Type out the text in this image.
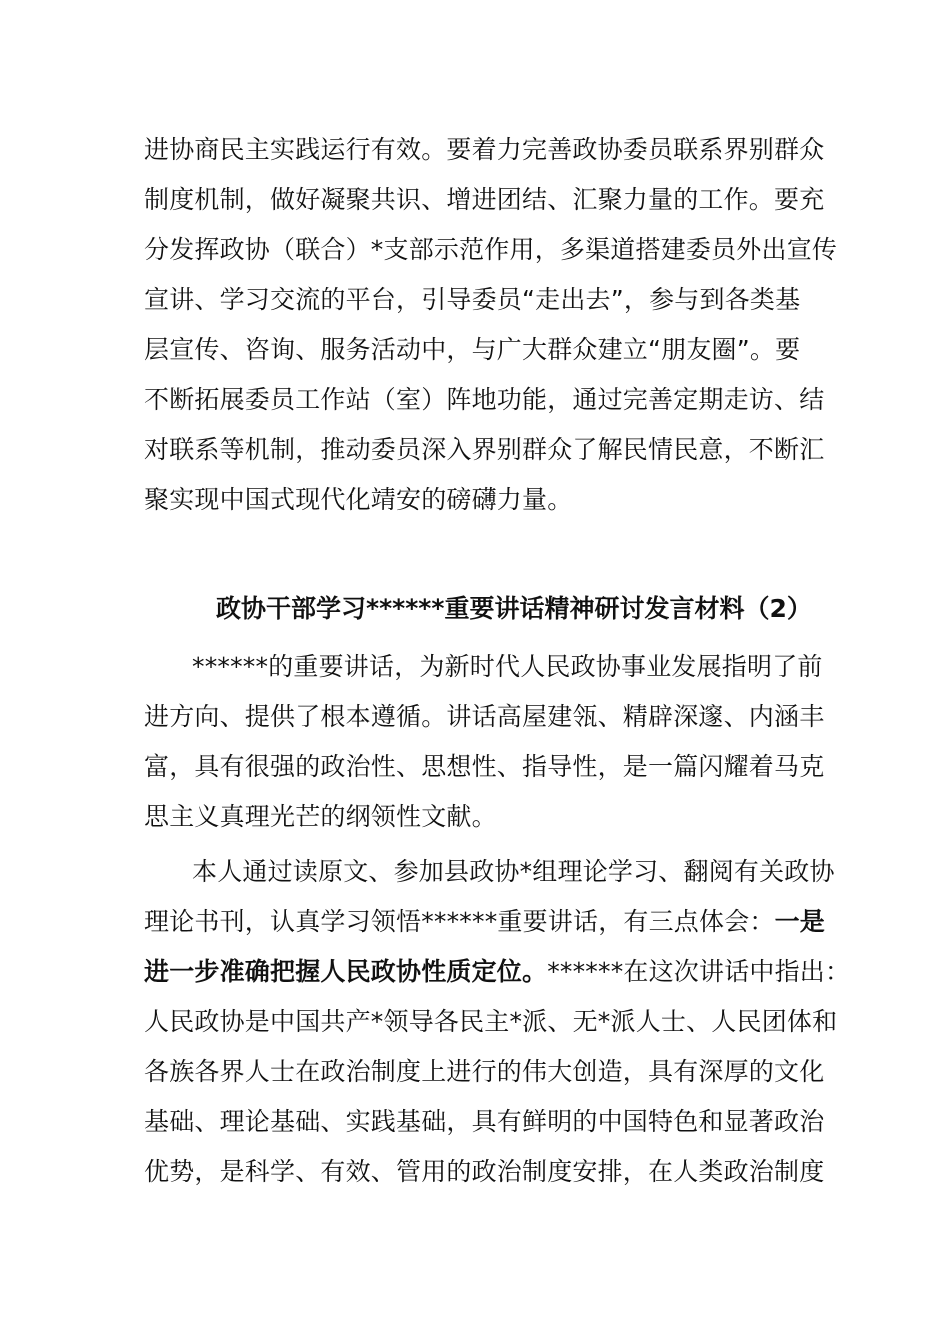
进协商民主实践运行有效。要着力完善政协委员联系界别群众
制度机制，做好凝聚共识、增进团结、汇聚力量的工作。要充
分发挥政协（联合）*支部示范作用，多渠道搭建委员外出宣传
宣讲、学习交流的平台，引导委员“走出去”，参与到各类基
层宣传、咨询、服务活动中，与广大群众建立“朋友圈”。要
不断拓展委员工作站（室）阵地功能，通过完善定期走访、结
对联系等机制，推动委员深入界别群众了解民情民意，不断汇
聚实现中国式现代化靖安的磅礴力量。
政协干部学习******重要讲话精神研讨发言材料（2）
******的重要讲话，为新时代人民政协事业发展指明了前
进方向、提供了根本遵循。讲话高屋建瓴、精辟深邃、内涵丰
富，具有很强的政治性、思想性、指导性，是一篇闪耀着马克
思主义真理光芒的纲领性文献。
本人通过读原文、参加县政协*组理论学习、翻阅有关政协
理论书刊，认真学习领悟******重要讲话，有三点体会：一是
进一步准确把握人民政协性质定位。******在这次讲话中指出：
人民政协是中国共产*领导各民主*派、无*派人士、人民团体和
各族各界人士在政治制度上进行的伟大创造，具有深厚的文化
基础、理论基础、实践基础，具有鲜明的中国特色和显著政治
优势，是科学、有效、管用的政治制度安排，在人类政治制度
